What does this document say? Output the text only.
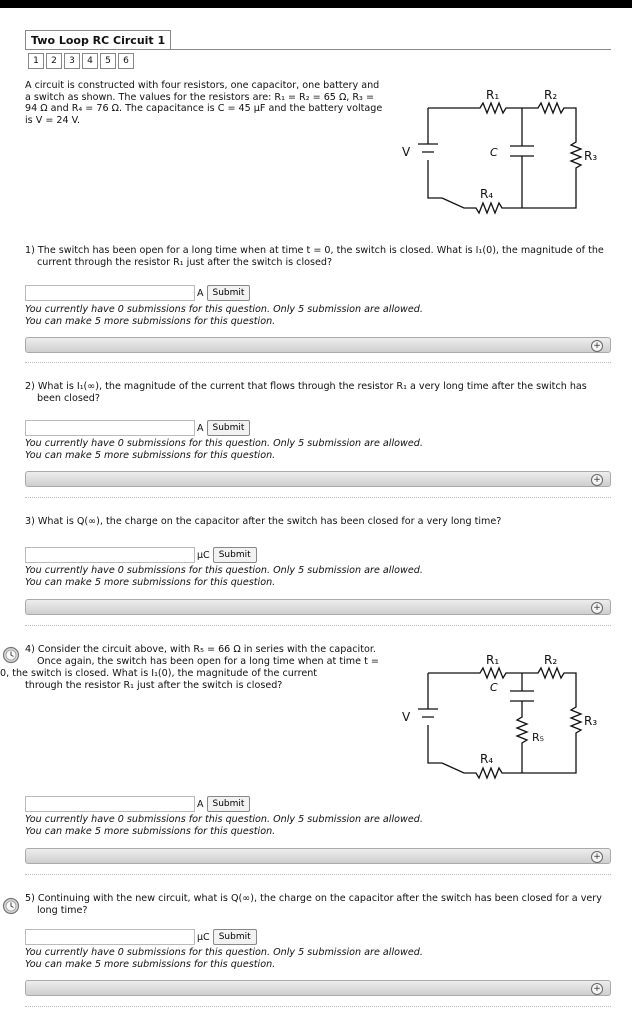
Two Loop RC Circuit 1
1	2	3	4	5	6
A circuit is constructed with four resistors, one capacitor, one battery and
a switch as shown. The values for the resistors are: R₁ = R₂ = 65 Ω, R₃ =
94 Ω and R₄ = 76 Ω. The capacitance is C = 45 μF and the battery voltage
is V = 24 V.
V	C
R₁	R₂
R₃
R₄
1) The switch has been open for a long time when at time t = 0, the switch is closed. What is I₁(0), the magnitude of the
current through the resistor R₁ just after the switch is closed?
A	Submit
You currently have 0 submissions for this question. Only 5 submission are allowed.
You can make 5 more submissions for this question.
+
2) What is I₁(∞), the magnitude of the current that flows through the resistor R₁ a very long time after the switch has
been closed?
A	Submit
You currently have 0 submissions for this question. Only 5 submission are allowed.
You can make 5 more submissions for this question.
+
3) What is Q(∞), the charge on the capacitor after the switch has been closed for a very long time?
μC	Submit
You currently have 0 submissions for this question. Only 5 submission are allowed.
You can make 5 more submissions for this question.
+
4) Consider the circuit above, with R₅ = 66 Ω in series with the capacitor.
Once again, the switch has been open for a long time when at time t =
0, the switch is closed. What is I₁(0), the magnitude of the current
through the resistor R₁ just after the switch is closed?
V
C
R₁	R₂
R₃
R₄
R₅
A	Submit
You currently have 0 submissions for this question. Only 5 submission are allowed.
You can make 5 more submissions for this question.
+
5) Continuing with the new circuit, what is Q(∞), the charge on the capacitor after the switch has been closed for a very
long time?
μC	Submit
You currently have 0 submissions for this question. Only 5 submission are allowed.
You can make 5 more submissions for this question.
+
